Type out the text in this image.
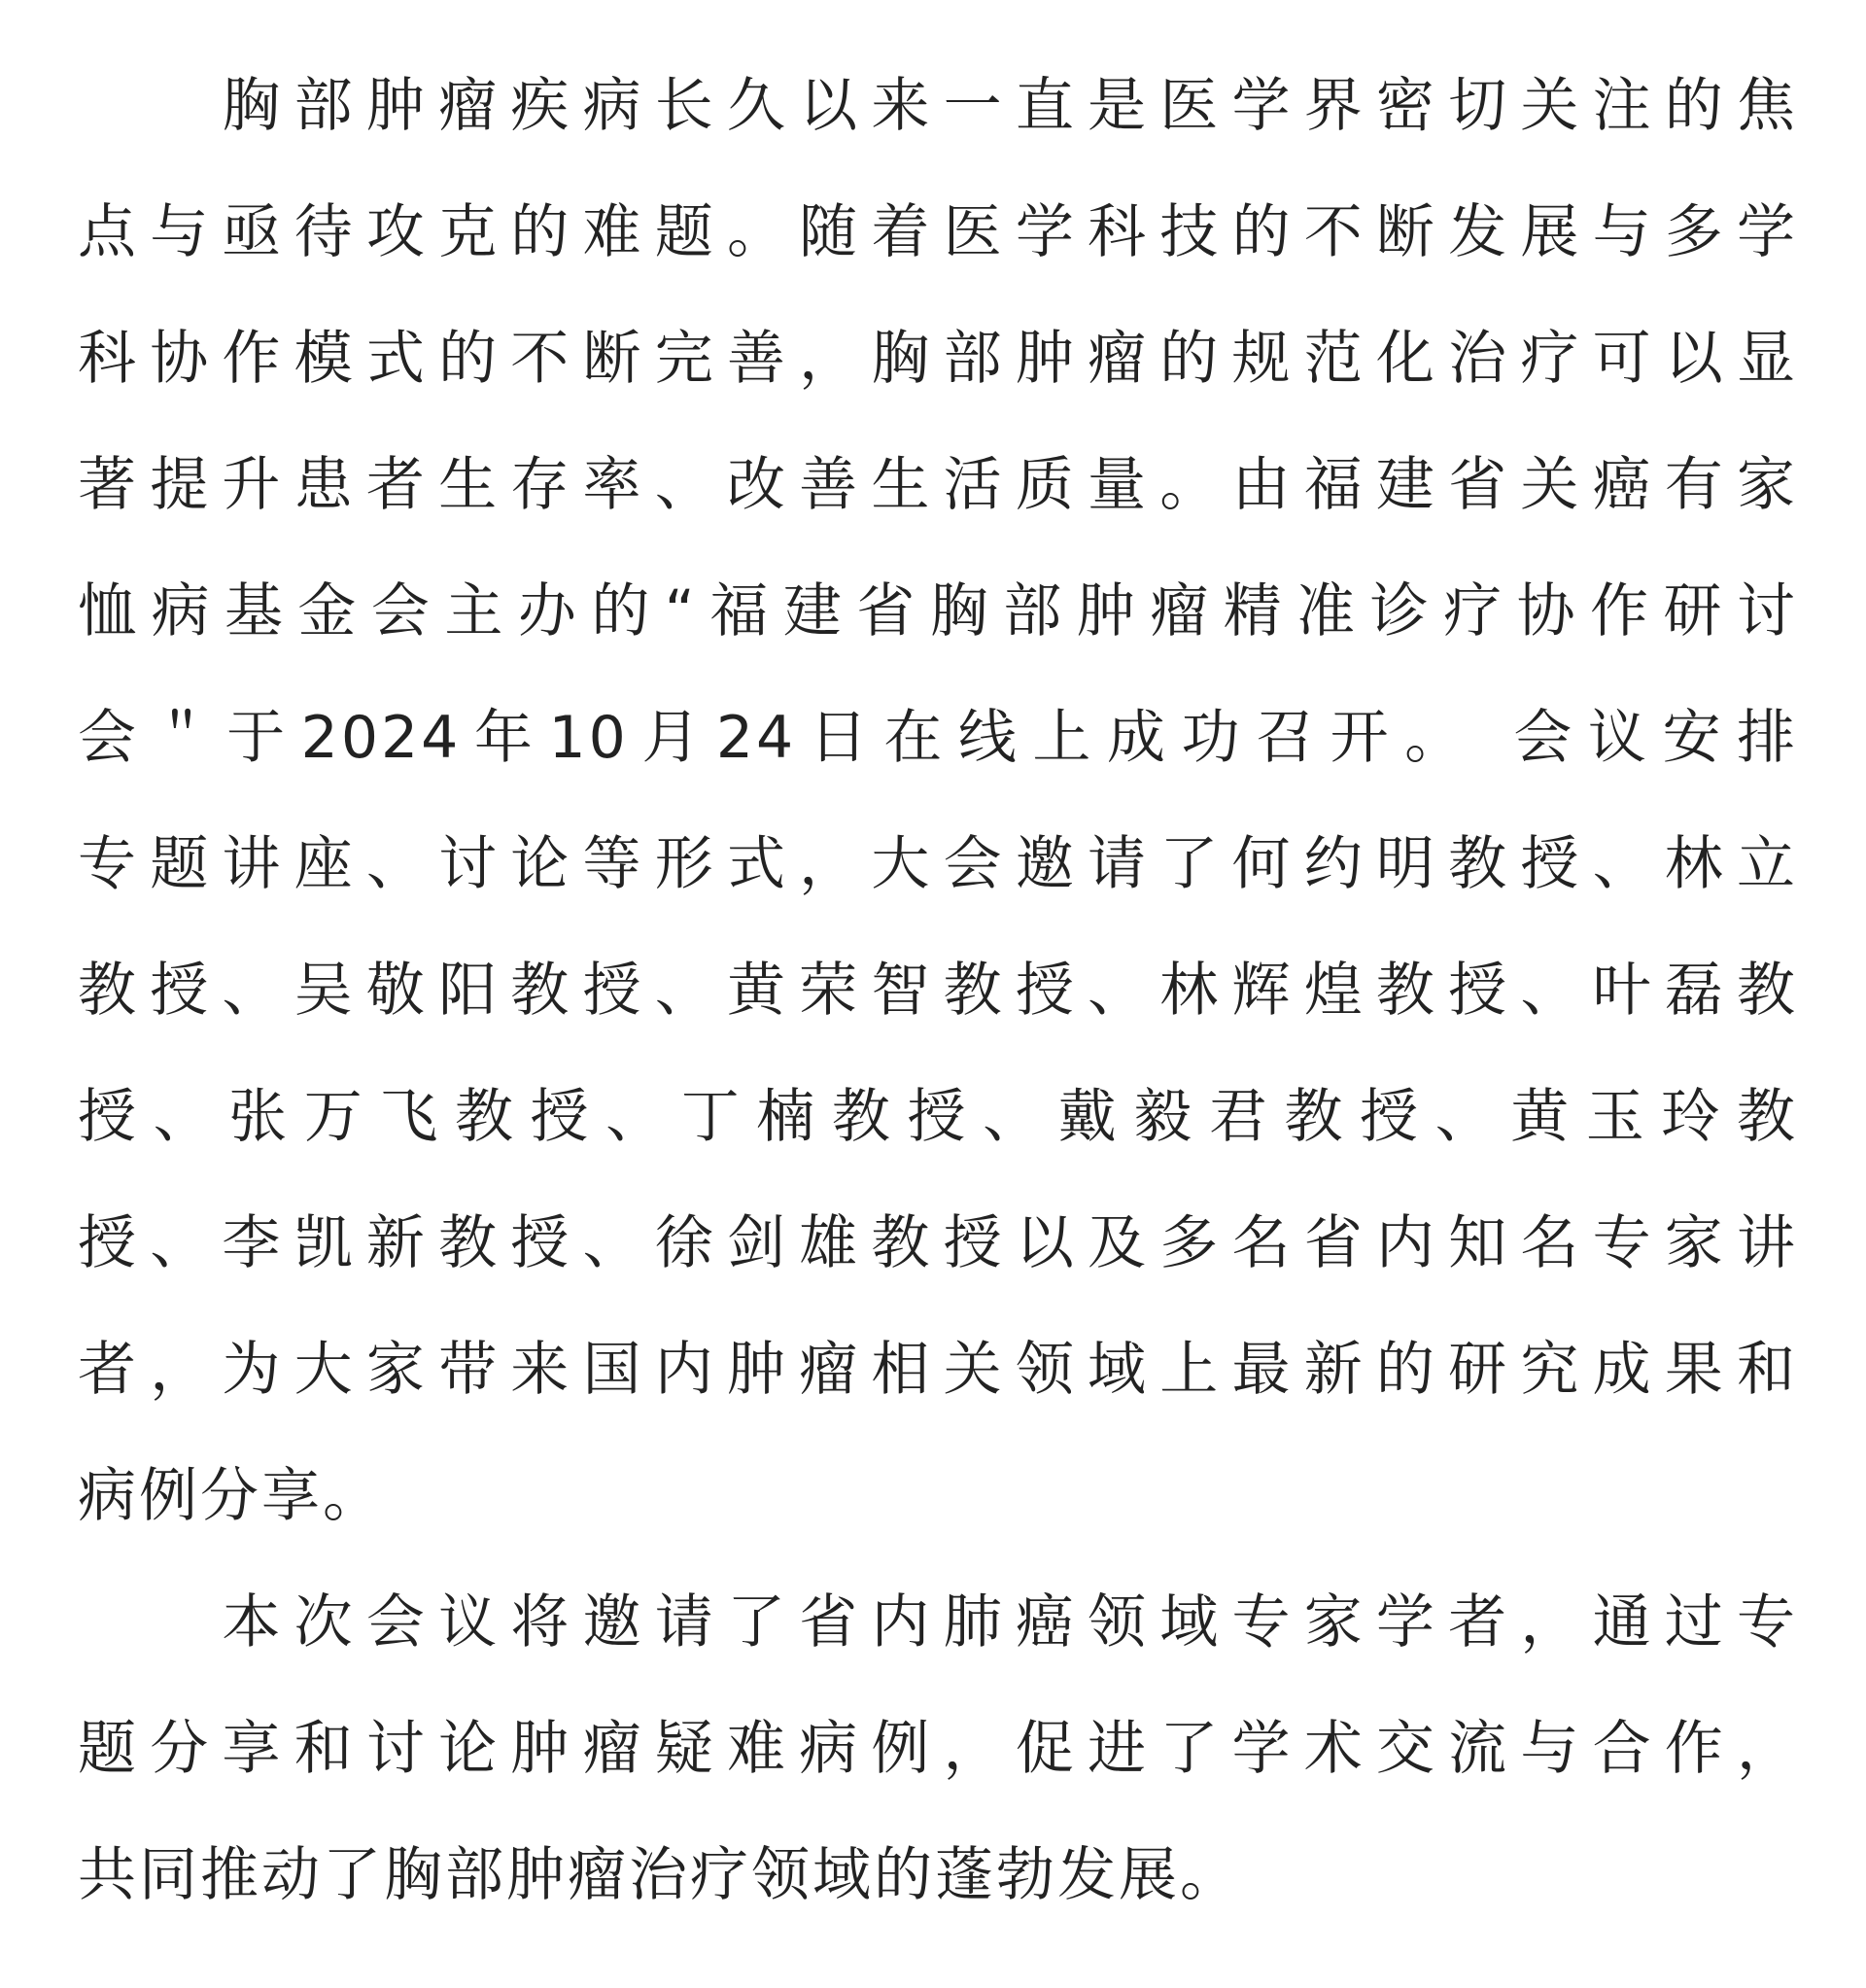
　　胸部肿瘤疾病长久以来一直是医学界密切关注的焦
点与亟待攻克的难题。随着医学科技的不断发展与多学
科协作模式的不断完善，胸部肿瘤的规范化治疗可以显
著提升患者生存率、改善生活质量。由福建省关癌有家
恤病基金会主办的“福建省胸部肿瘤精准诊疗协作研讨
会＂于2024年10月24日在线上成功召开。 会议安排
专题讲座、讨论等形式，大会邀请了何约明教授、林立
教授、吴敬阳教授、黄荣智教授、林辉煌教授、叶磊教
授、张万飞教授、丁楠教授、戴毅君教授、黄玉玲教
授、李凯新教授、徐剑雄教授以及多名省内知名专家讲
者，为大家带来国内肿瘤相关领域上最新的研究成果和
病例分享。
　　本次会议将邀请了省内肺癌领域专家学者，通过专
题分享和讨论肿瘤疑难病例，促进了学术交流与合作，
共同推动了胸部肿瘤治疗领域的蓬勃发展。
